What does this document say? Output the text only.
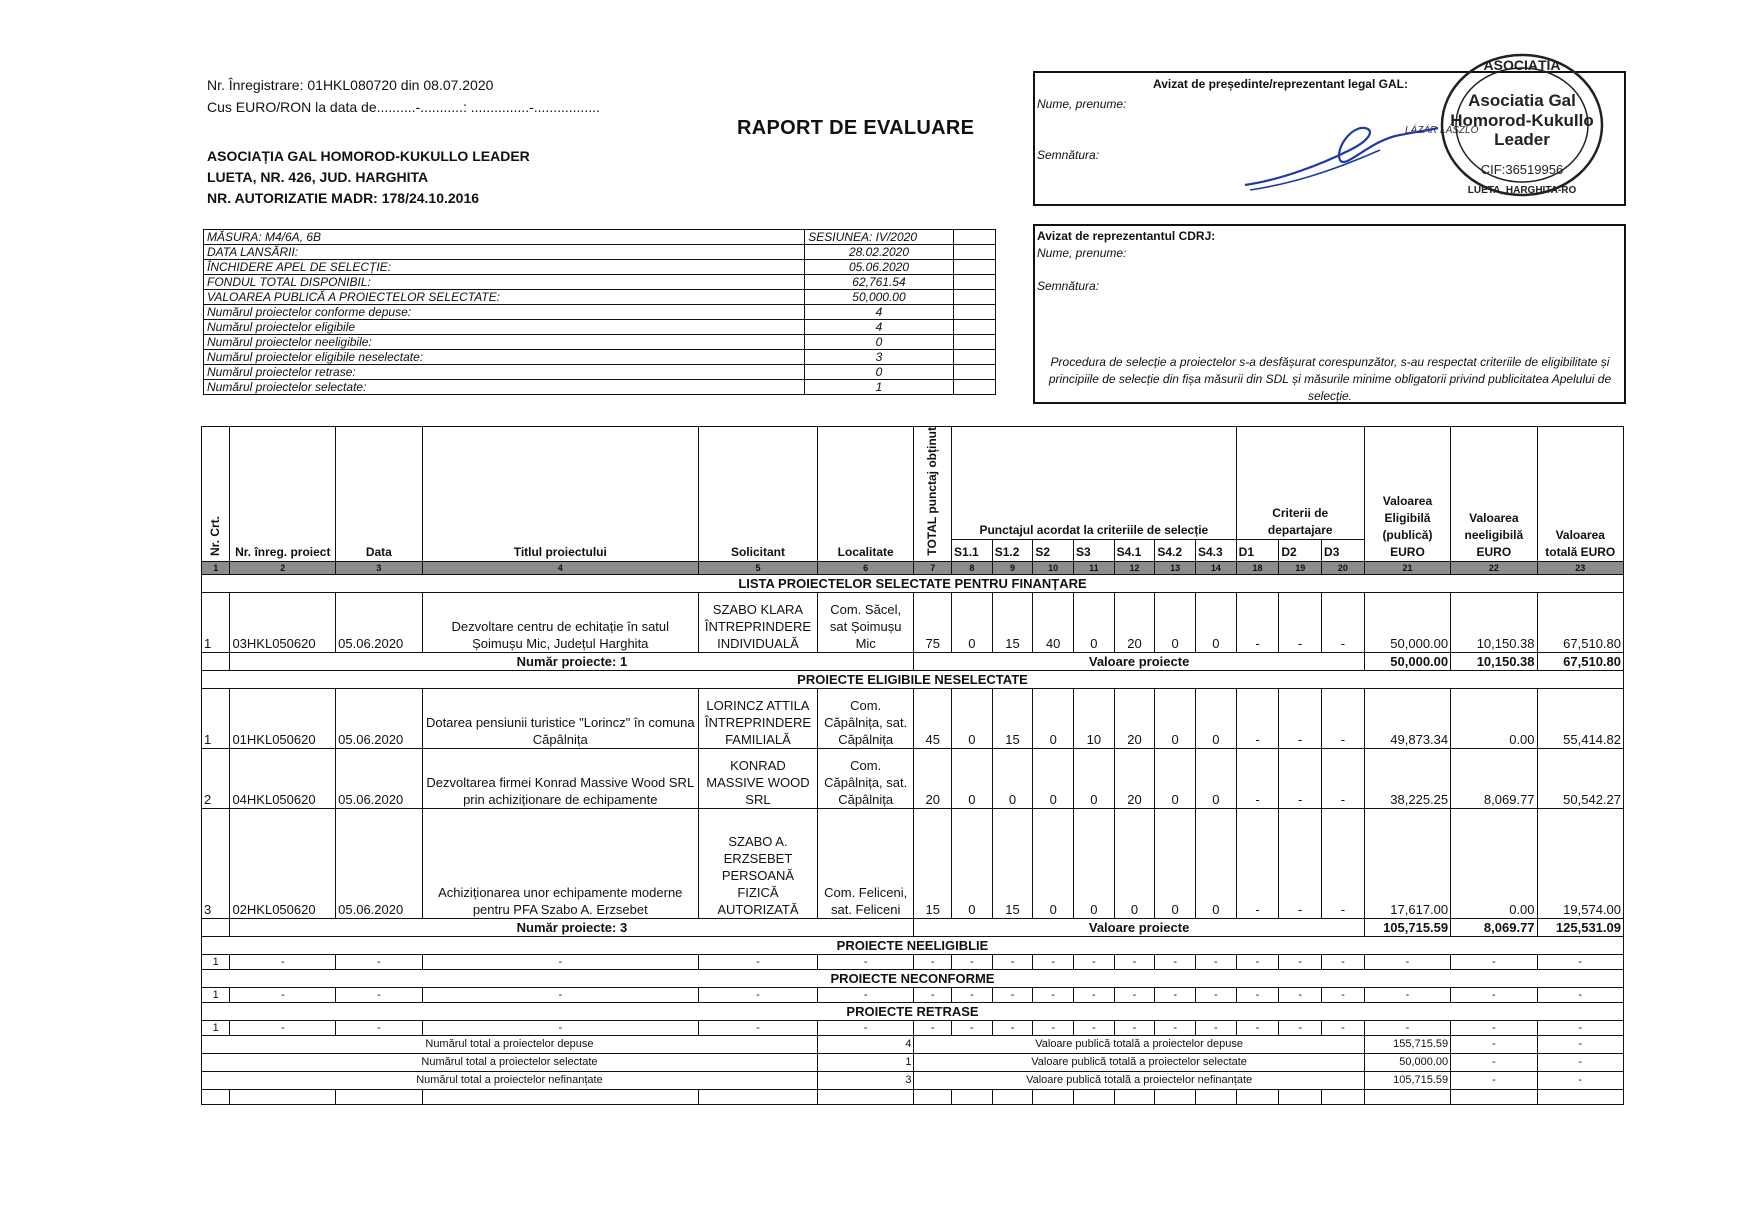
Nr. Înregistrare: 01HKL080720 din 08.07.2020
Cus EURO/RON la data de..........-...........: ...............-.................
ASOCIAȚIA GAL HOMOROD-KUKULLO LEADER
LUETA, NR. 426, JUD. HARGHITA
NR. AUTORIZATIE MADR: 178/24.10.2016
RAPORT DE EVALUARE
Avizat de președinte/reprezentant legal GAL:
Nume, prenume:
Semnătura:
LÁZÁR LÁSZLÓ
ASOCIAȚIA
Asociatia Gal
Homorod-Kukullo
Leader
CIF:36519956
LUETA, HARGHITA-RO
MĂSURA: M4/6A, 6B	SESIUNEA: IV/2020	
DATA LANSĂRII:	28.02.2020	
ÎNCHIDERE APEL DE SELECȚIE:	05.06.2020	
FONDUL TOTAL DISPONIBIL:	62,761.54	
VALOAREA PUBLICĂ A PROIECTELOR SELECTATE:	50,000.00	
Numărul proiectelor conforme depuse:	4	
Numărul proiectelor eligibile	4	
Numărul proiectelor neeligibile:	0	
Numărul proiectelor eligibile neselectate:	3	
Numărul proiectelor retrase:	0	
Numărul proiectelor selectate:	1	
Avizat de reprezentantul CDRJ:
Nume, prenume:
Semnătura:
Procedura de selecție a proiectelor s-a desfășurat corespunzător, s-au respectat criteriile de eligibilitate și principiile de selecție din fișa măsurii din SDL și măsurile minime obligatorii privind publicitatea Apelului de selecție.
Nr. Crt.	Nr. înreg. proiect	Data	Titlul proiectului	Solicitant	Localitate	TOTAL punctaj obținut	Punctajul acordat la criteriile de selecție							Criterii de departajare			Valoarea Eligibilă (publică) EURO	Valoarea neeligibilă EURO	Valoarea totală EURO
							S1.1	S1.2	S2	S3	S4.1	S4.2	S4.3	D1	D2	D3			
1	2	3	4	5	6	7	8	9	10	11	12	13	14	18	19	20	21	22	23
LISTA PROIECTELOR SELECTATE PENTRU FINANȚARE																			
1	03HKL050620	05.06.2020	Dezvoltare centru de echitație în satul Șoimușu Mic, Județul Harghita	SZABO KLARA ÎNTREPRINDERE INDIVIDUALĂ	Com. Săcel, sat Șoimușu Mic	75	0	15	40	0	20	0	0	-	-	-	50,000.00	10,150.38	67,510.80
	Număr proiecte: 1					Valoare proiecte											50,000.00	10,150.38	67,510.80
PROIECTE ELIGIBILE NESELECTATE																			
1	01HKL050620	05.06.2020	Dotarea pensiunii turistice "Lorincz" în comuna Căpâlnița	LORINCZ ATTILA ÎNTREPRINDERE FAMILIALĂ	Com. Căpâlnița, sat. Căpâlnița	45	0	15	0	10	20	0	0	-	-	-	49,873.34	0.00	55,414.82
2	04HKL050620	05.06.2020	Dezvoltarea firmei Konrad Massive Wood SRL prin achiziționare de echipamente	KONRAD MASSIVE WOOD SRL	Com. Căpâlnița, sat. Căpâlnița	20	0	0	0	0	20	0	0	-	-	-	38,225.25	8,069.77	50,542.27
3	02HKL050620	05.06.2020	Achiziționarea unor echipamente moderne pentru PFA Szabo A. Erzsebet	SZABO A. ERZSEBET PERSOANĂ FIZICĂ AUTORIZATĂ	Com. Feliceni, sat. Feliceni	15	0	15	0	0	0	0	0	-	-	-	17,617.00	0.00	19,574.00
	Număr proiecte: 3					Valoare proiecte											105,715.59	8,069.77	125,531.09
PROIECTE NEELIGIBLIE																			
1	-	-	-	-	-	-	-	-	-	-	-	-	-	-	-	-	-	-	-
PROIECTE NECONFORME																			
1	-	-	-	-	-	-	-	-	-	-	-	-	-	-	-	-	-	-	-
PROIECTE RETRASE																			
1	-	-	-	-	-	-	-	-	-	-	-	-	-	-	-	-	-	-	-
Numărul total a proiectelor depuse					4	Valoare publică totală a proiectelor depuse											155,715.59	-	-
Numărul total a proiectelor selectate					1	Valoare publică totală a proiectelor selectate											50,000.00	-	-
Numărul total a proiectelor nefinanțate					3	Valoare publică totală a proiectelor nefinanțate											105,715.59	-	-
